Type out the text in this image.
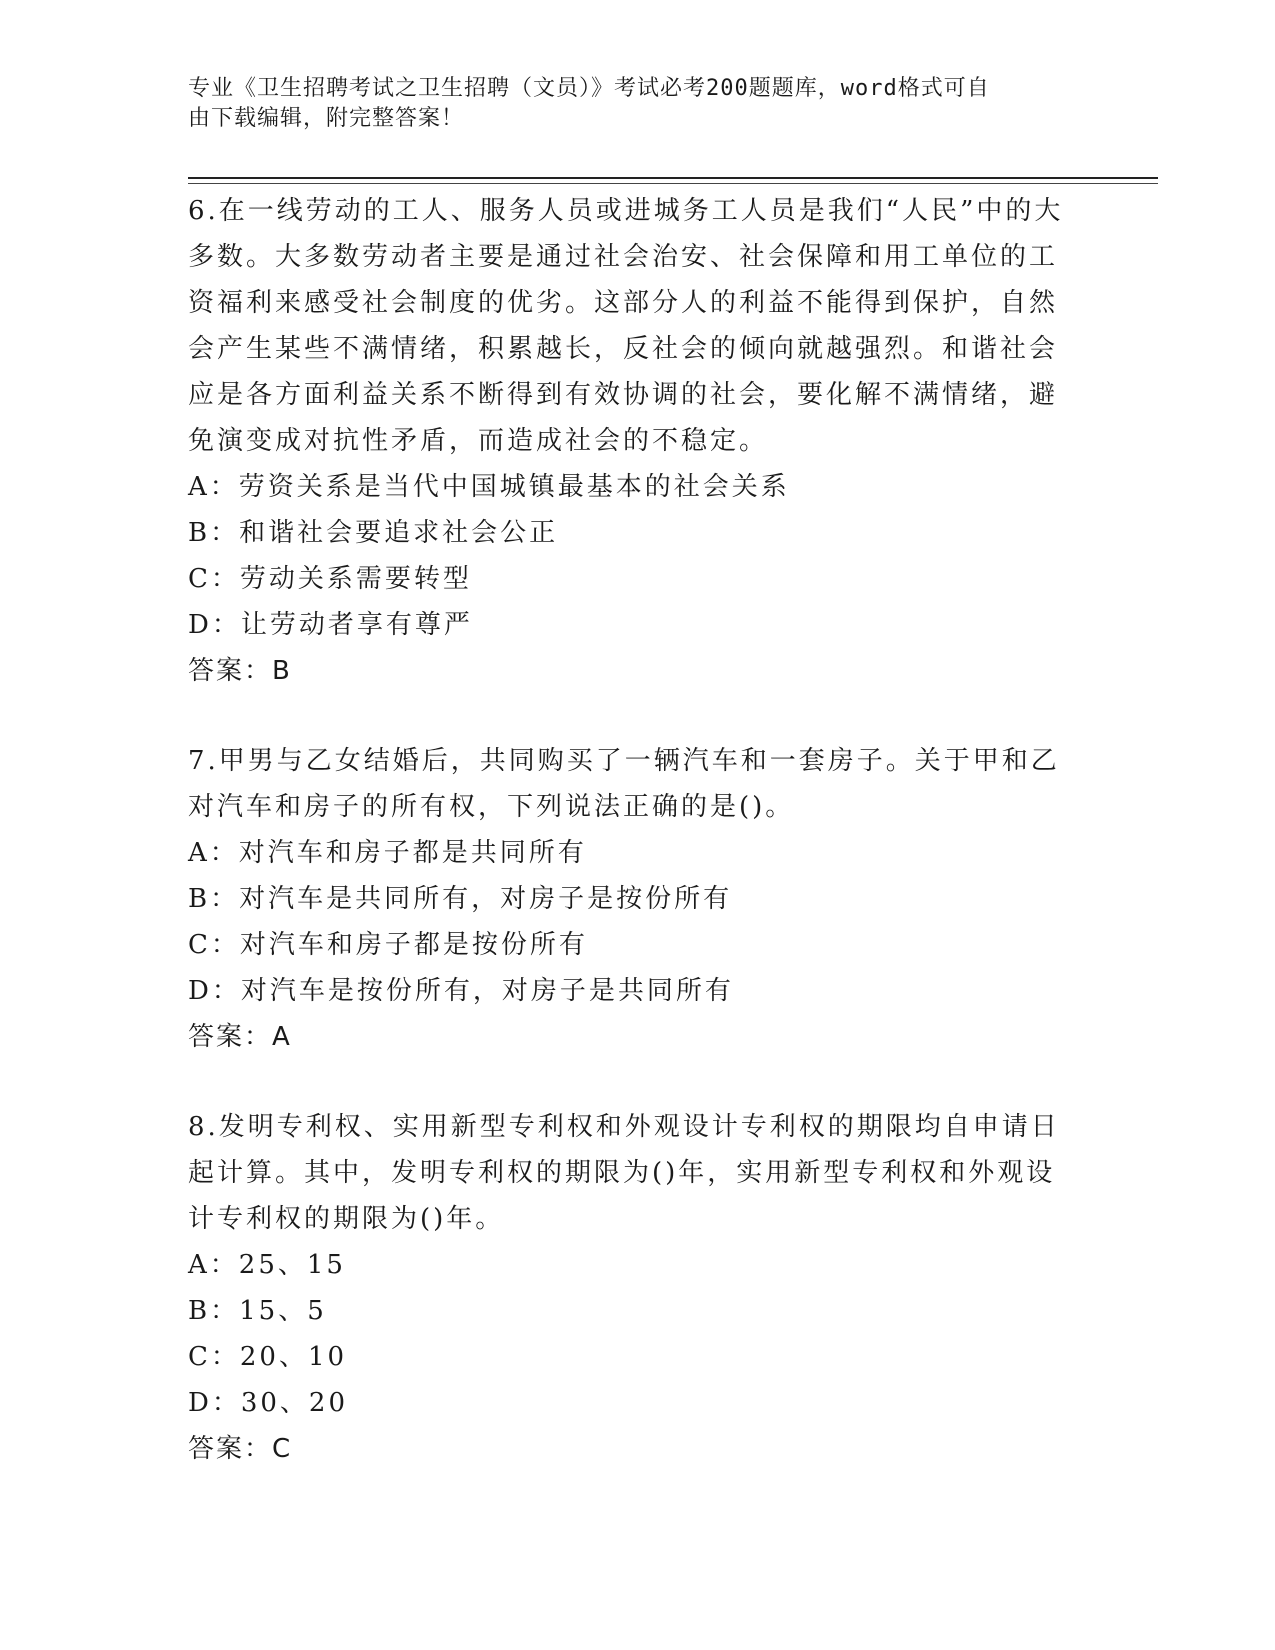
专业《卫生招聘考试之卫生招聘（文员）》考试必考200题题库，word格式可自
由下载编辑，附完整答案！

6.在一线劳动的工人、服务人员或进城务工人员是我们“人民”中的大多数。大多数劳动者主要是通过社会治安、社会保障和用工单位的工资福利来感受社会制度的优劣。这部分人的利益不能得到保护，自然会产生某些不满情绪，积累越长，反社会的倾向就越强烈。和谐社会应是各方面利益关系不断得到有效协调的社会，要化解不满情绪，避免演变成对抗性矛盾，而造成社会的不稳定。

A：劳资关系是当代中国城镇最基本的社会关系

B：和谐社会要追求社会公正

C：劳动关系需要转型

D：让劳动者享有尊严

答案：B

7.甲男与乙女结婚后，共同购买了一辆汽车和一套房子。关于甲和乙对汽车和房子的所有权，下列说法正确的是()。

A：对汽车和房子都是共同所有

B：对汽车是共同所有，对房子是按份所有

C：对汽车和房子都是按份所有

D：对汽车是按份所有，对房子是共同所有

答案：A

8.发明专利权、实用新型专利权和外观设计专利权的期限均自申请日起计算。其中，发明专利权的期限为()年，实用新型专利权和外观设计专利权的期限为()年。

A：25、15

B：15、5

C：20、10

D：30、20

答案：C
